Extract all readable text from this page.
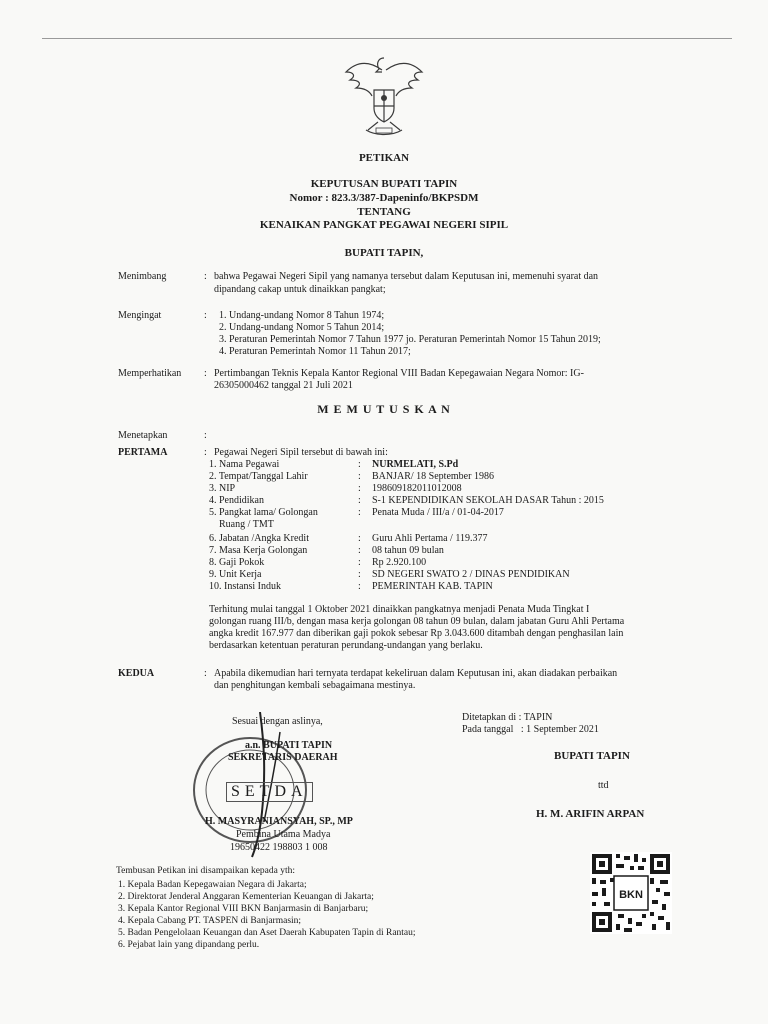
PETIKAN
KEPUTUSAN BUPATI TAPIN
Nomor : 823.3/387-Dapeninfo/BKPSDM
TENTANG
KENAIKAN PANGKAT PEGAWAI NEGERI SIPIL
BUPATI TAPIN,
Menimbang	: bahwa Pegawai Negeri Sipil yang namanya tersebut dalam Keputusan ini, memenuhi syarat dan
dipandang cakap untuk dinaikkan pangkat;
Mengingat	: 1. Undang-undang Nomor 8 Tahun 1974;
2. Undang-undang Nomor 5 Tahun 2014;
3. Peraturan Pemerintah Nomor 7 Tahun 1977 jo. Peraturan Pemerintah Nomor 15 Tahun 2019;
4. Peraturan Pemerintah Nomor 11 Tahun 2017;
Memperhatikan : Pertimbangan Teknis Kepala Kantor Regional VIII Badan Kepegawaian Negara Nomor: IG-
26305000462 tanggal 21 Juli 2021
M E M U T U S K A N
Menetapkan	:
PERTAMA	: Pegawai Negeri Sipil tersebut di bawah ini:
1. Nama Pegawai	: NURMELATI, S.Pd
2. Tempat/Tanggal Lahir	: BANJAR/ 18 September 1986
3. NIP	: 198609182011012008
4. Pendidikan	: S-1 KEPENDIDIKAN SEKOLAH DASAR Tahun : 2015
5. Pangkat lama/ Golongan	: Penata Muda / III/a / 01-04-2017
Ruang / TMT
6. Jabatan /Angka Kredit	: Guru Ahli Pertama / 119.377
7. Masa Kerja Golongan	: 08 tahun 09 bulan
8. Gaji Pokok	: Rp 2.920.100
9. Unit Kerja	: SD NEGERI SWATO 2 / DINAS PENDIDIKAN
10. Instansi Induk	: PEMERINTAH KAB. TAPIN
Terhitung mulai tanggal 1 Oktober 2021 dinaikkan pangkatnya menjadi Penata Muda Tingkat I
golongan ruang III/b, dengan masa kerja golongan 08 tahun 09 bulan, dalam jabatan Guru Ahli Pertama
angka kredit 167.977 dan diberikan gaji pokok sebesar Rp 3.043.600 ditambah dengan penghasilan lain
berdasarkan ketentuan peraturan perundang-undangan yang berlaku.
KEDUA	: Apabila dikemudian hari ternyata terdapat kekeliruan dalam Keputusan ini, akan diadakan perbaikan
dan penghitungan kembali sebagaimana mestinya.
Sesuai dengan aslinya,
a.n. BUPATI TAPIN
SEKRETARIS DAERAH
SETDA
H. MASYRANIANSYAH, SP., MP
Pembina Utama Madya
19650422 198803 1 008
Ditetapkan di : TAPIN
Pada tanggal   : 1 September 2021
BUPATI TAPIN
ttd
H. M. ARIFIN ARPAN
Tembusan Petikan ini disampaikan kepada yth:
1. Kepala Badan Kepegawaian Negara di Jakarta;
2. Direktorat Jenderal Anggaran Kementerian Keuangan di Jakarta;
3. Kepala Kantor Regional VIII BKN Banjarmasin di Banjarbaru;
4. Kepala Cabang PT. TASPEN di Banjarmasin;
5. Badan Pengelolaan Keuangan dan Aset Daerah Kabupaten Tapin di Rantau;
6. Pejabat lain yang dipandang perlu.
BKN
